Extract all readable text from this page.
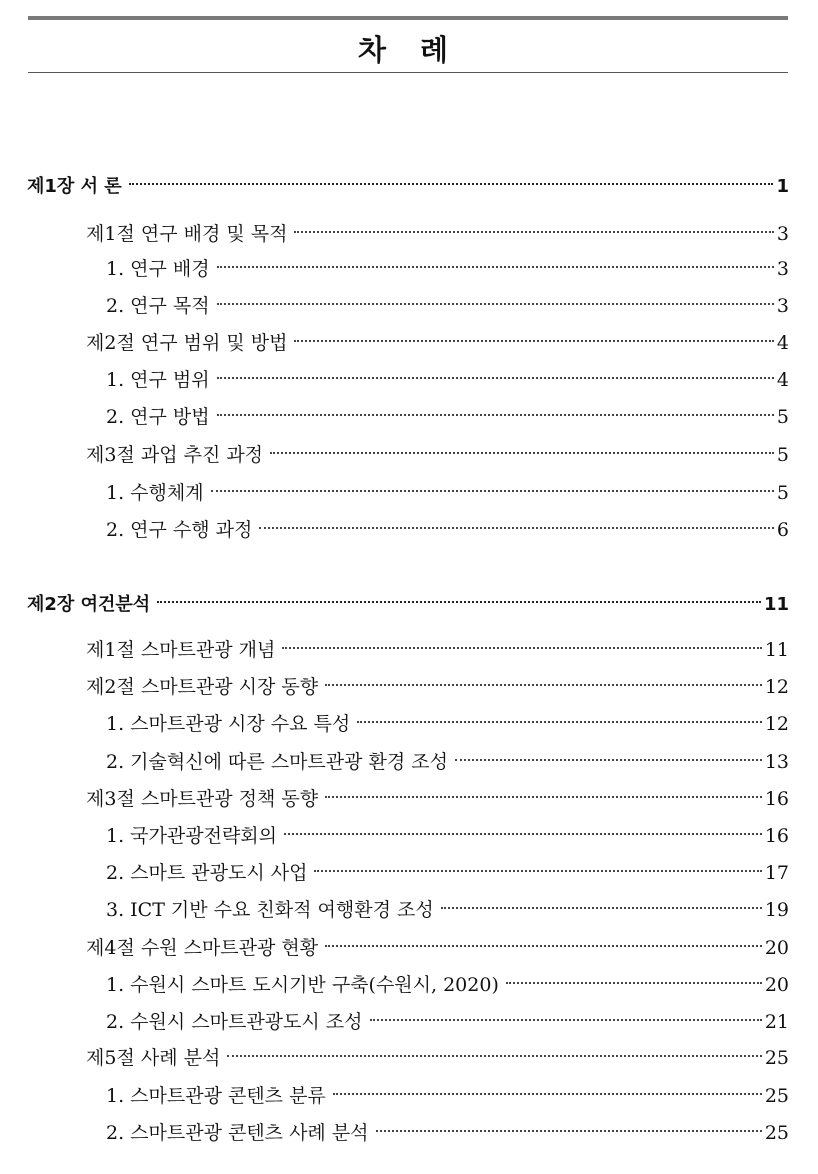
차 례
제1장 서 론	1
제1절 연구 배경 및 목적	3
1. 연구 배경	3
2. 연구 목적	3
제2절 연구 범위 및 방법	4
1. 연구 범위	4
2. 연구 방법	5
제3절 과업 추진 과정	5
1. 수행체계	5
2. 연구 수행 과정	6
제2장 여건분석	11
제1절 스마트관광 개념	11
제2절 스마트관광 시장 동향	12
1. 스마트관광 시장 수요 특성	12
2. 기술혁신에 따른 스마트관광 환경 조성	13
제3절 스마트관광 정책 동향	16
1. 국가관광전략회의	16
2. 스마트 관광도시 사업	17
3. ICT 기반 수요 친화적 여행환경 조성	19
제4절 수원 스마트관광 현황	20
1. 수원시 스마트 도시기반 구축(수원시, 2020)	20
2. 수원시 스마트관광도시 조성	21
제5절 사례 분석	25
1. 스마트관광 콘텐츠 분류	25
2. 스마트관광 콘텐츠 사례 분석	25
